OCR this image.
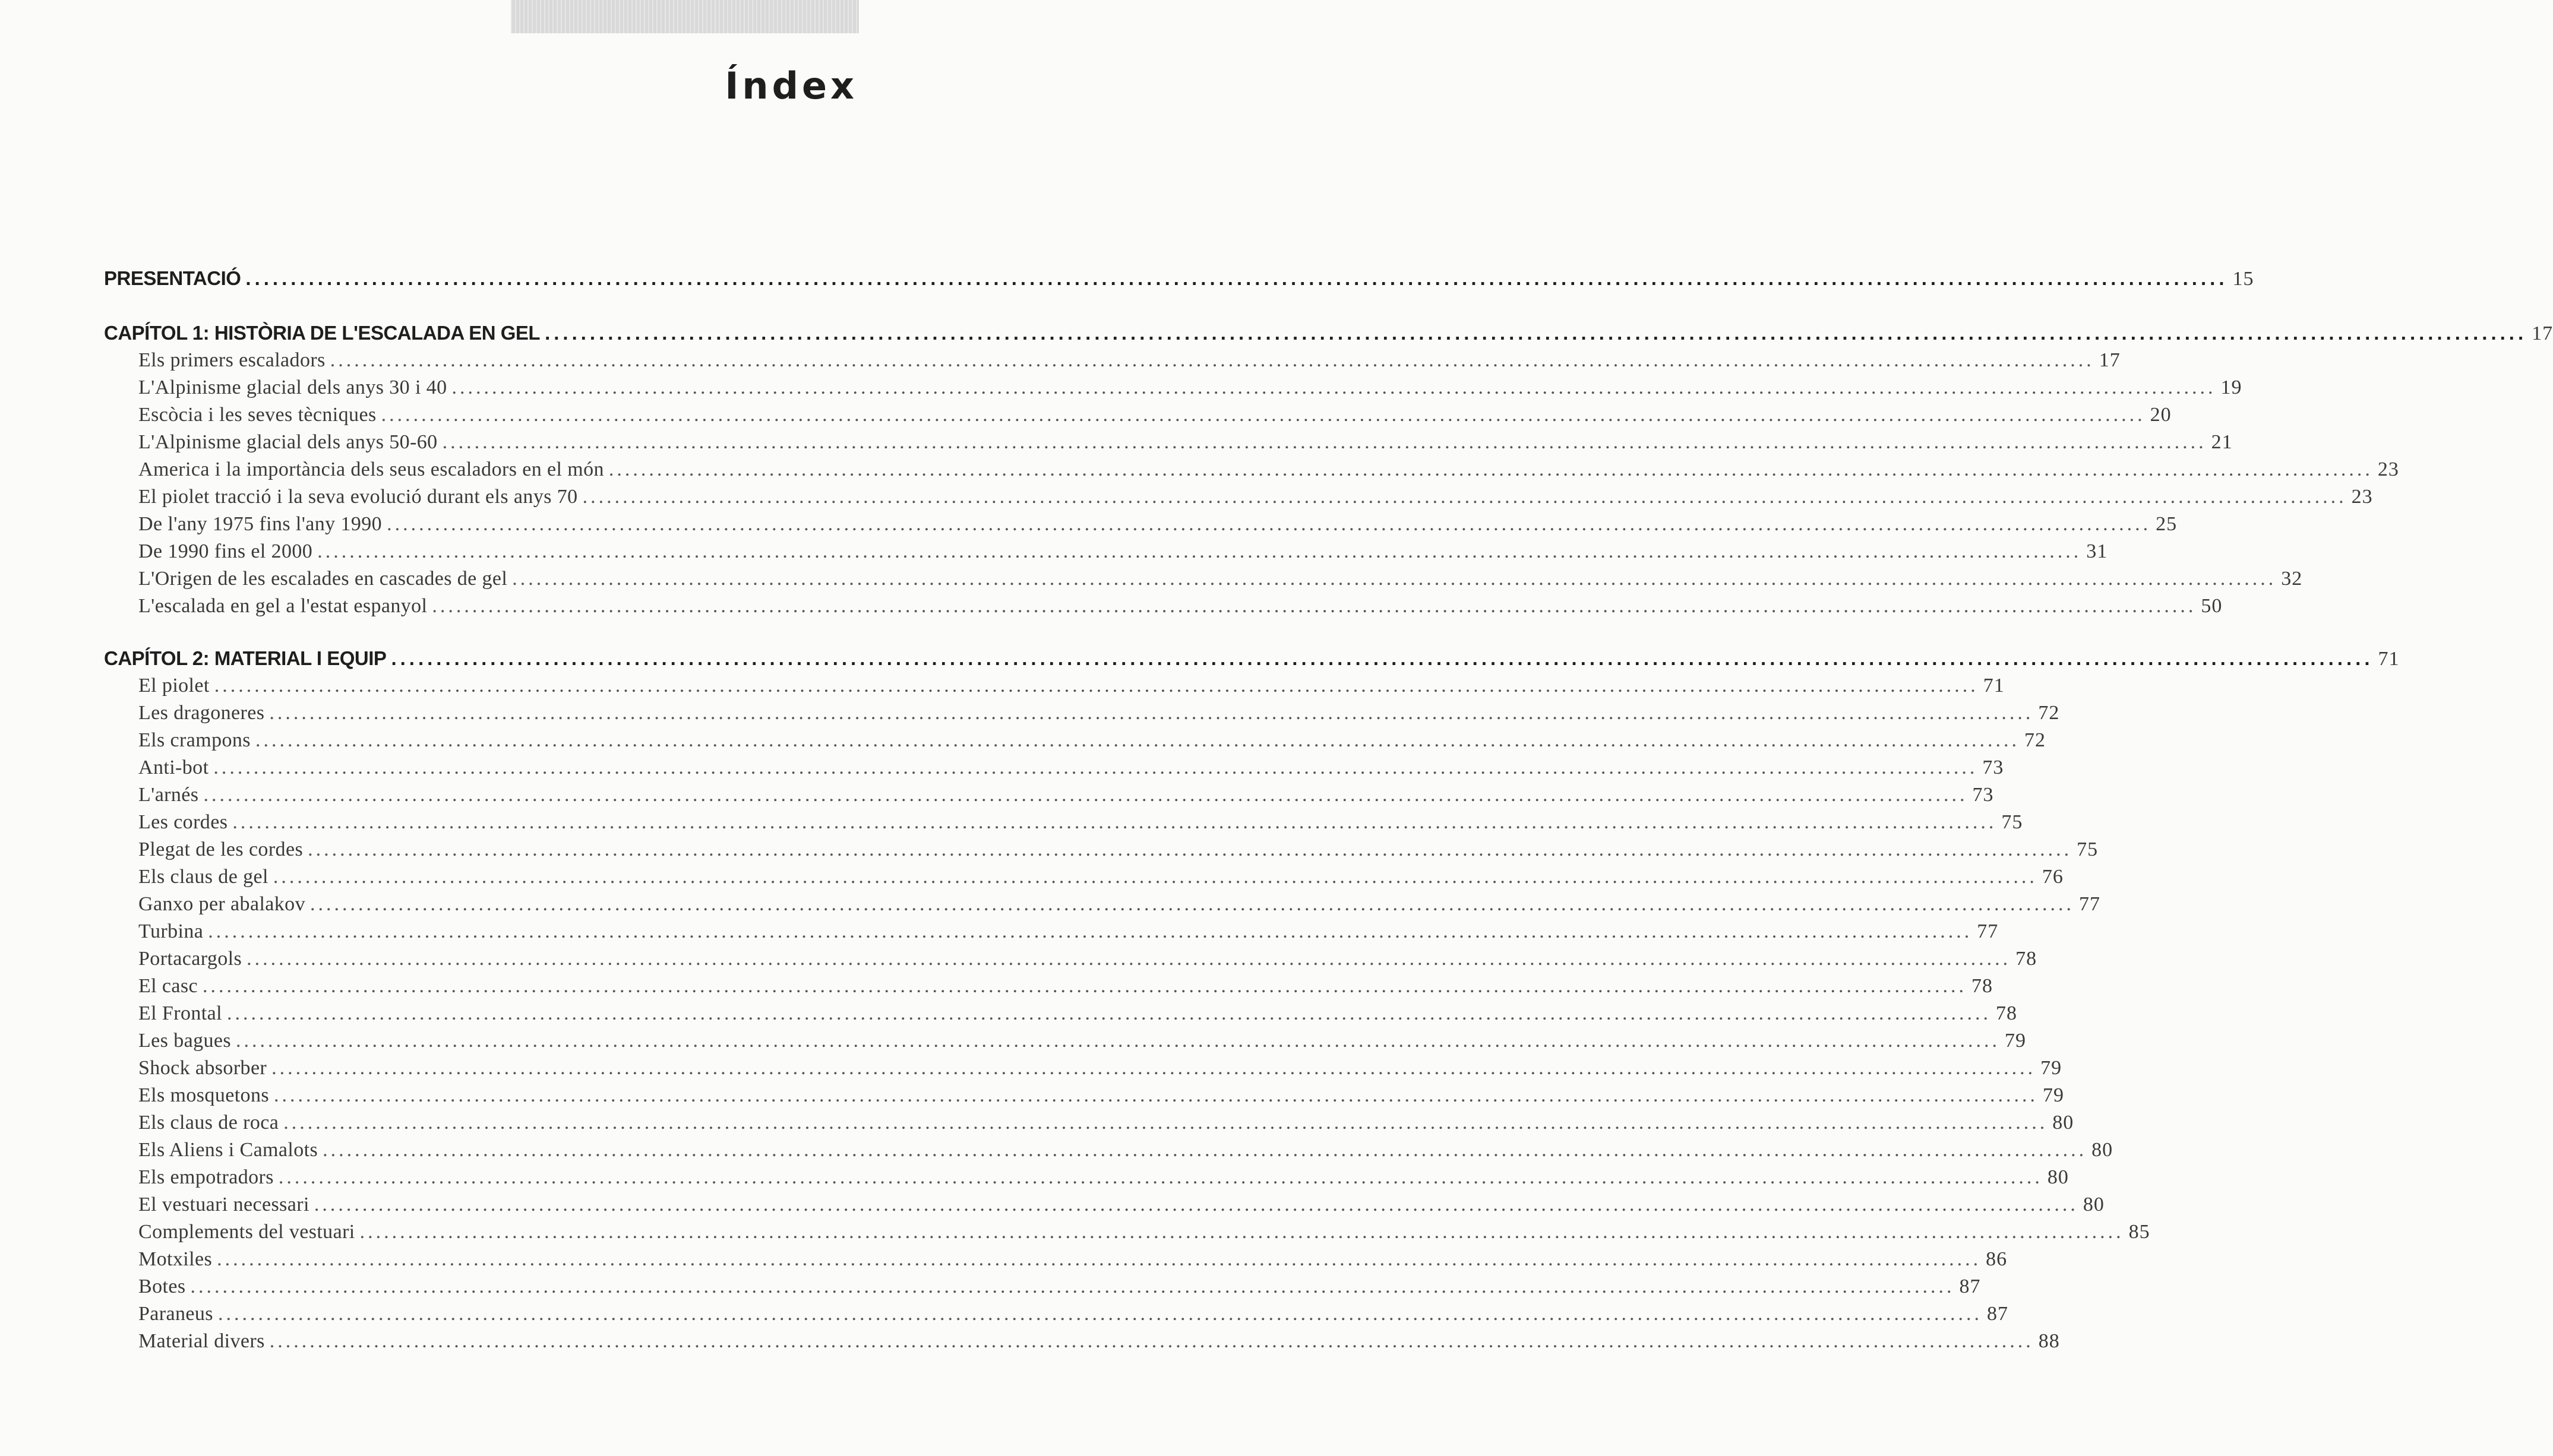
Índex
PRESENTACIÓ ............................................................................................................................................................................................................................ 15
CAPÍTOL 1: HISTÒRIA DE L'ESCALADA EN GEL ............................................................................................................................................................................................................................ 17
Els primers escaladors ............................................................................................................................................................................................................................ 17
L'Alpinisme glacial dels anys 30 i 40 ............................................................................................................................................................................................................................ 19
Escòcia i les seves tècniques ............................................................................................................................................................................................................................ 20
L'Alpinisme glacial dels anys 50-60 ............................................................................................................................................................................................................................ 21
America i la importància dels seus escaladors en el món ............................................................................................................................................................................................................................ 23
El piolet tracció i la seva evolució durant els anys 70 ............................................................................................................................................................................................................................ 23
De l'any 1975 fins l'any 1990 ............................................................................................................................................................................................................................ 25
De 1990 fins el 2000 ............................................................................................................................................................................................................................ 31
L'Origen de les escalades en cascades de gel ............................................................................................................................................................................................................................ 32
L'escalada en gel a l'estat espanyol ............................................................................................................................................................................................................................ 50
CAPÍTOL 2: MATERIAL I EQUIP ............................................................................................................................................................................................................................ 71
El piolet ............................................................................................................................................................................................................................ 71
Les dragoneres ............................................................................................................................................................................................................................ 72
Els crampons ............................................................................................................................................................................................................................ 72
Anti-bot ............................................................................................................................................................................................................................ 73
L'arnés ............................................................................................................................................................................................................................ 73
Les cordes ............................................................................................................................................................................................................................ 75
Plegat de les cordes ............................................................................................................................................................................................................................ 75
Els claus de gel ............................................................................................................................................................................................................................ 76
Ganxo per abalakov ............................................................................................................................................................................................................................ 77
Turbina ............................................................................................................................................................................................................................ 77
Portacargols ............................................................................................................................................................................................................................ 78
El casc ............................................................................................................................................................................................................................ 78
El Frontal ............................................................................................................................................................................................................................ 78
Les bagues ............................................................................................................................................................................................................................ 79
Shock absorber ............................................................................................................................................................................................................................ 79
Els mosquetons ............................................................................................................................................................................................................................ 79
Els claus de roca ............................................................................................................................................................................................................................ 80
Els Aliens i Camalots ............................................................................................................................................................................................................................ 80
Els empotradors ............................................................................................................................................................................................................................ 80
El vestuari necessari ............................................................................................................................................................................................................................ 80
Complements del vestuari ............................................................................................................................................................................................................................ 85
Motxiles ............................................................................................................................................................................................................................ 86
Botes ............................................................................................................................................................................................................................ 87
Paraneus ............................................................................................................................................................................................................................ 87
Material divers ............................................................................................................................................................................................................................ 88
